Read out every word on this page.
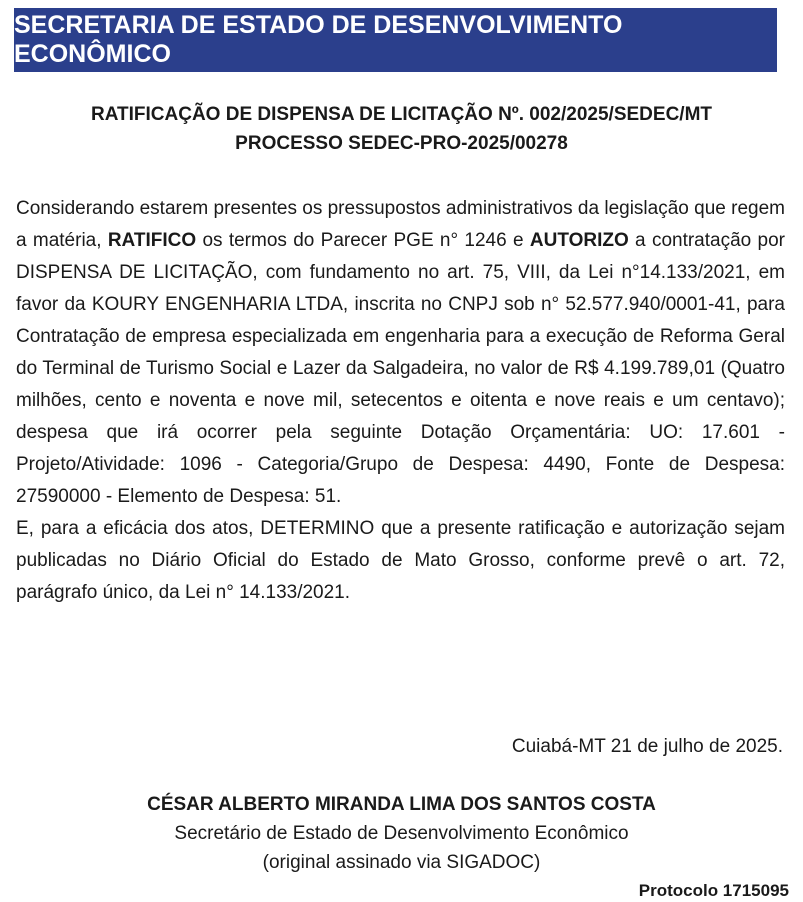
SECRETARIA DE ESTADO DE DESENVOLVIMENTO ECONÔMICO
RATIFICAÇÃO DE DISPENSA DE LICITAÇÃO Nº. 002/2025/SEDEC/MT
PROCESSO SEDEC-PRO-2025/00278

Considerando estarem presentes os pressupostos administrativos da legislação que regem a matéria, RATIFICO os termos do Parecer PGE n° 1246 e AUTORIZO a contratação por DISPENSA DE LICITAÇÃO, com fundamento no art. 75, VIII, da Lei n°14.133/2021, em favor da KOURY ENGENHARIA LTDA, inscrita no CNPJ sob n° 52.577.940/0001-41, para Contratação de empresa especializada em engenharia para a execução de Reforma Geral do Terminal de Turismo Social e Lazer da Salgadeira, no valor de R$ 4.199.789,01 (Quatro milhões, cento e noventa e nove mil, setecentos e oitenta e nove reais e um centavo); despesa que irá ocorrer pela seguinte Dotação Orçamentária: UO: 17.601 - Projeto/Atividade: 1096 - Categoria/Grupo de Despesa: 4490, Fonte de Despesa: 27590000 - Elemento de Despesa: 51.

E, para a eficácia dos atos, DETERMINO que a presente ratificação e autorização sejam publicadas no Diário Oficial do Estado de Mato Grosso, conforme prevê o art. 72, parágrafo único, da Lei n° 14.133/2021.

Cuiabá-MT 21 de julho de 2025.
CÉSAR ALBERTO MIRANDA LIMA DOS SANTOS COSTA
Secretário de Estado de Desenvolvimento Econômico
(original assinado via SIGADOC)
Protocolo 1715095
